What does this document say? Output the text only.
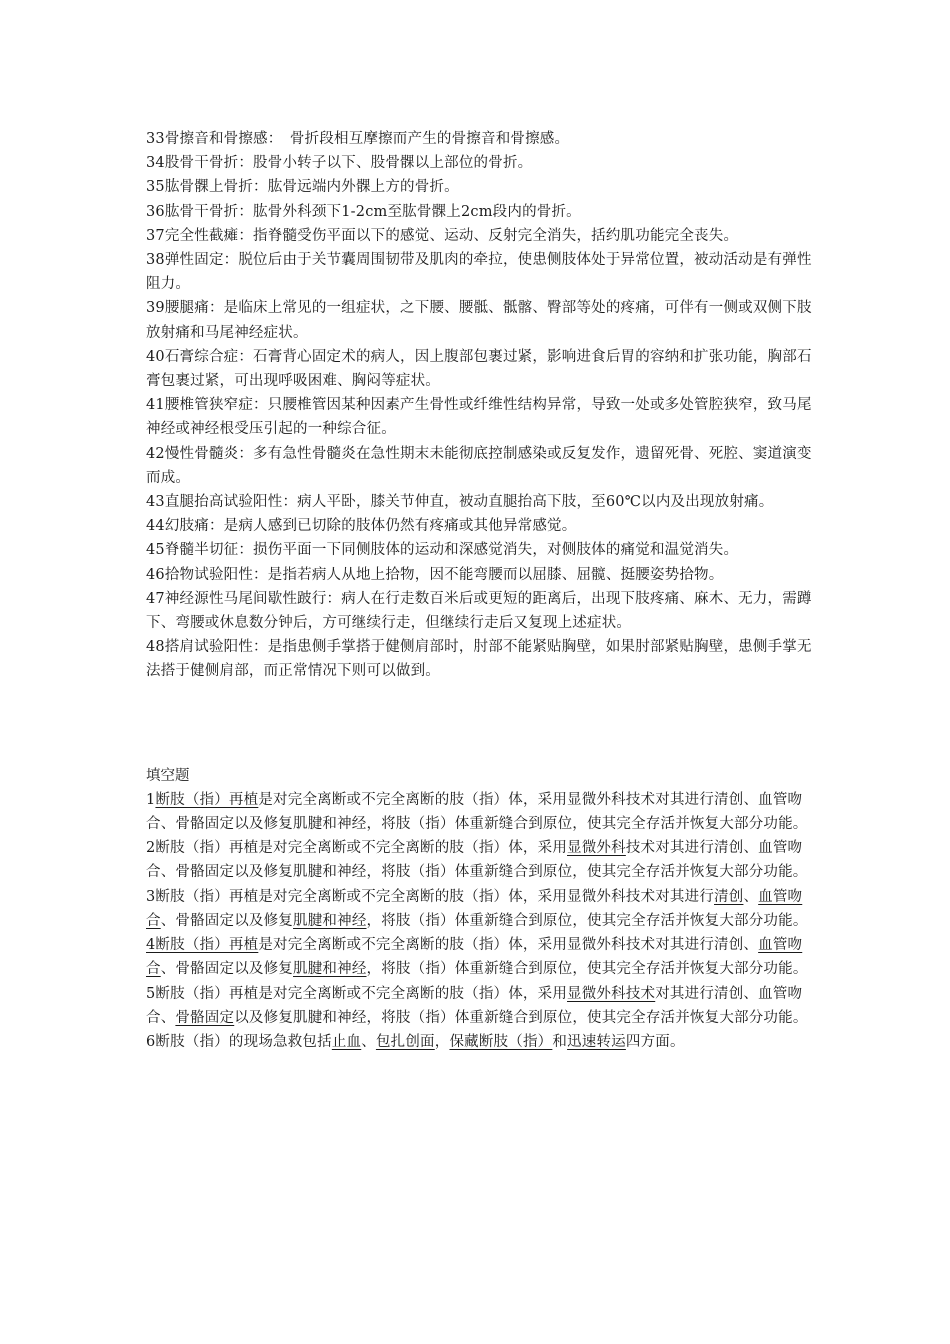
33骨擦音和骨擦感：　骨折段相互摩擦而产生的骨擦音和骨擦感。

34股骨干骨折：股骨小转子以下、股骨髁以上部位的骨折。

35肱骨髁上骨折：肱骨远端内外髁上方的骨折。

36肱骨干骨折：肱骨外科颈下1-2cm至肱骨髁上2cm段内的骨折。

37完全性截瘫：指脊髓受伤平面以下的感觉、运动、反射完全消失，括约肌功能完全丧失。

38弹性固定：脱位后由于关节囊周围韧带及肌肉的牵拉，使患侧肢体处于异常位置，被动活动是有弹性阻力。

39腰腿痛：是临床上常见的一组症状，之下腰、腰骶、骶髂、臀部等处的疼痛，可伴有一侧或双侧下肢放射痛和马尾神经症状。

40石膏综合症：石膏背心固定术的病人，因上腹部包裹过紧，影响进食后胃的容纳和扩张功能，胸部石膏包裹过紧，可出现呼吸困难、胸闷等症状。

41腰椎管狭窄症：只腰椎管因某种因素产生骨性或纤维性结构异常，导致一处或多处管腔狭窄，致马尾神经或神经根受压引起的一种综合征。

42慢性骨髓炎：多有急性骨髓炎在急性期末未能彻底控制感染或反复发作，遗留死骨、死腔、窦道演变而成。

43直腿抬高试验阳性：病人平卧，膝关节伸直，被动直腿抬高下肢，至60℃以内及出现放射痛。

44幻肢痛：是病人感到已切除的肢体仍然有疼痛或其他异常感觉。

45脊髓半切征：损伤平面一下同侧肢体的运动和深感觉消失，对侧肢体的痛觉和温觉消失。

46拾物试验阳性：是指若病人从地上拾物，因不能弯腰而以屈膝、屈髋、挺腰姿势拾物。

47神经源性马尾间歇性跛行：病人在行走数百米后或更短的距离后，出现下肢疼痛、麻木、无力，需蹲下、弯腰或休息数分钟后，方可继续行走，但继续行走后又复现上述症状。

48搭肩试验阳性：是指患侧手掌搭于健侧肩部时，肘部不能紧贴胸壁，如果肘部紧贴胸壁，患侧手掌无法搭于健侧肩部，而正常情况下则可以做到。

填空题

1断肢（指）再植是对完全离断或不完全离断的肢（指）体，采用显微外科技术对其进行清创、血管吻合、骨骼固定以及修复肌腱和神经，将肢（指）体重新缝合到原位，使其完全存活并恢复大部分功能。

2断肢（指）再植是对完全离断或不完全离断的肢（指）体，采用显微外科技术对其进行清创、血管吻合、骨骼固定以及修复肌腱和神经，将肢（指）体重新缝合到原位，使其完全存活并恢复大部分功能。

3断肢（指）再植是对完全离断或不完全离断的肢（指）体，采用显微外科技术对其进行清创、血管吻合、骨骼固定以及修复肌腱和神经，将肢（指）体重新缝合到原位，使其完全存活并恢复大部分功能。

4断肢（指）再植是对完全离断或不完全离断的肢（指）体，采用显微外科技术对其进行清创、血管吻合、骨骼固定以及修复肌腱和神经，将肢（指）体重新缝合到原位，使其完全存活并恢复大部分功能。

5断肢（指）再植是对完全离断或不完全离断的肢（指）体，采用显微外科技术对其进行清创、血管吻合、骨骼固定以及修复肌腱和神经，将肢（指）体重新缝合到原位，使其完全存活并恢复大部分功能。

6断肢（指）的现场急救包括止血、包扎创面，保藏断肢（指）和迅速转运四方面。
